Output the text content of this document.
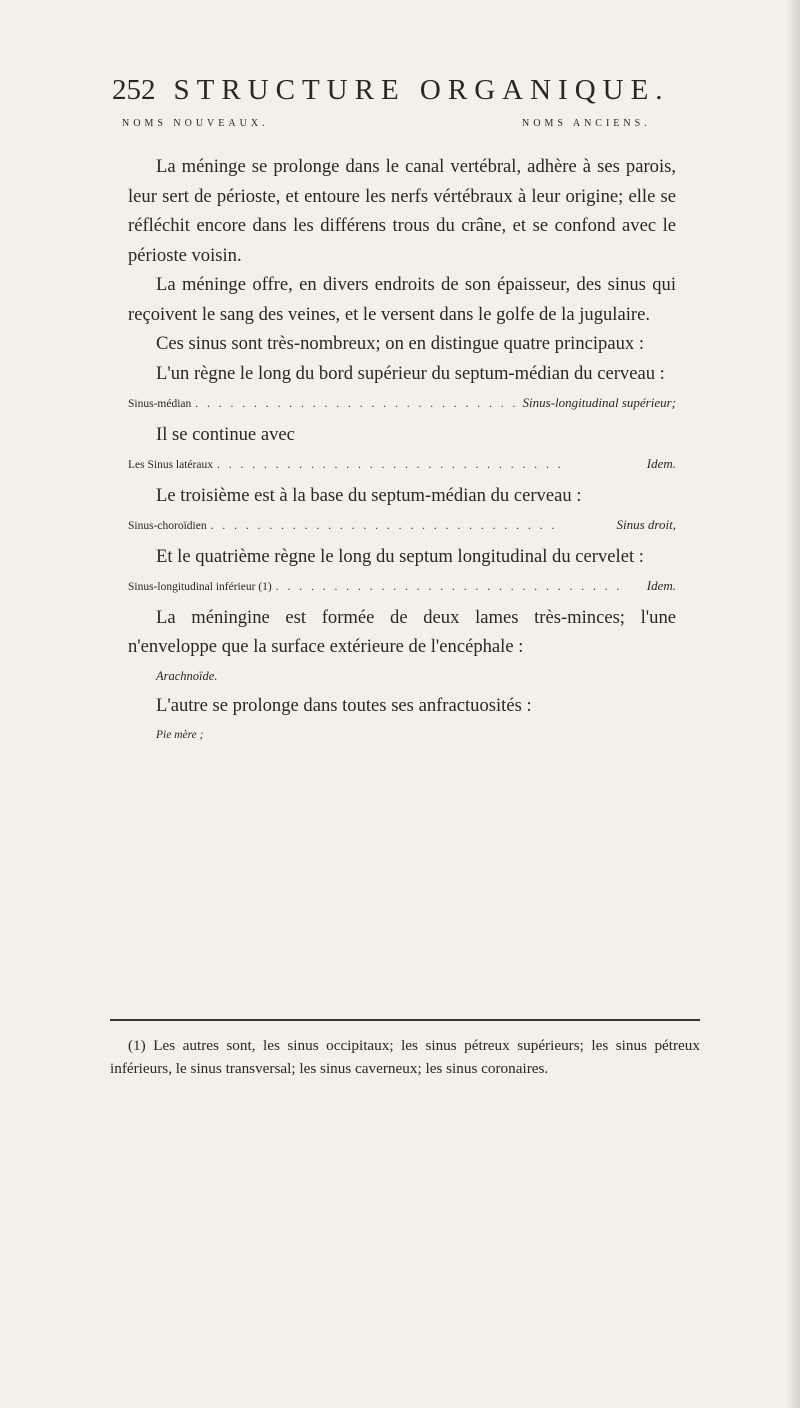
252 STRUCTURE ORGANIQUE.
NOMS NOUVEAUX.	NOMS ANCIENS.

La méninge se prolonge dans le canal vertébral, adhère à ses parois, leur sert de périoste, et entoure les nerfs vértébraux à leur origine; elle se réfléchit encore dans les différens trous du crâne, et se confond avec le périoste voisin.

La méninge offre, en divers endroits de son épaisseur, des sinus qui reçoivent le sang des veines, et le versent dans le golfe de la jugulaire.

Ces sinus sont très-nombreux; on en distingue quatre principaux :

L'un règne le long du bord supérieur du septum-médian du cerveau :

Sinus-médian . . .	Sinus-longitudinal supérieur;

Il se continue avec

Les Sinus latéraux . . .	Idem.

Le troisième est à la base du septum-médian du cerveau :

Sinus-choroïdien . . .	Sinus droit,

Et le quatrième règne le long du septum longitudinal du cervelet :

Sinus-longitudinal inférieur (1) . . .	Idem.

La méningine est formée de deux lames très-minces; l'une n'enveloppe que la surface extérieure de l'encéphale :

Arachnoïde.

L'autre se prolonge dans toutes ses anfractuosités :

Pie mère ;

(1) Les autres sont, les sinus occipitaux; les sinus pétreux supérieurs; les sinus pétreux inférieurs, le sinus transversal; les sinus caverneux; les sinus coronaires.
